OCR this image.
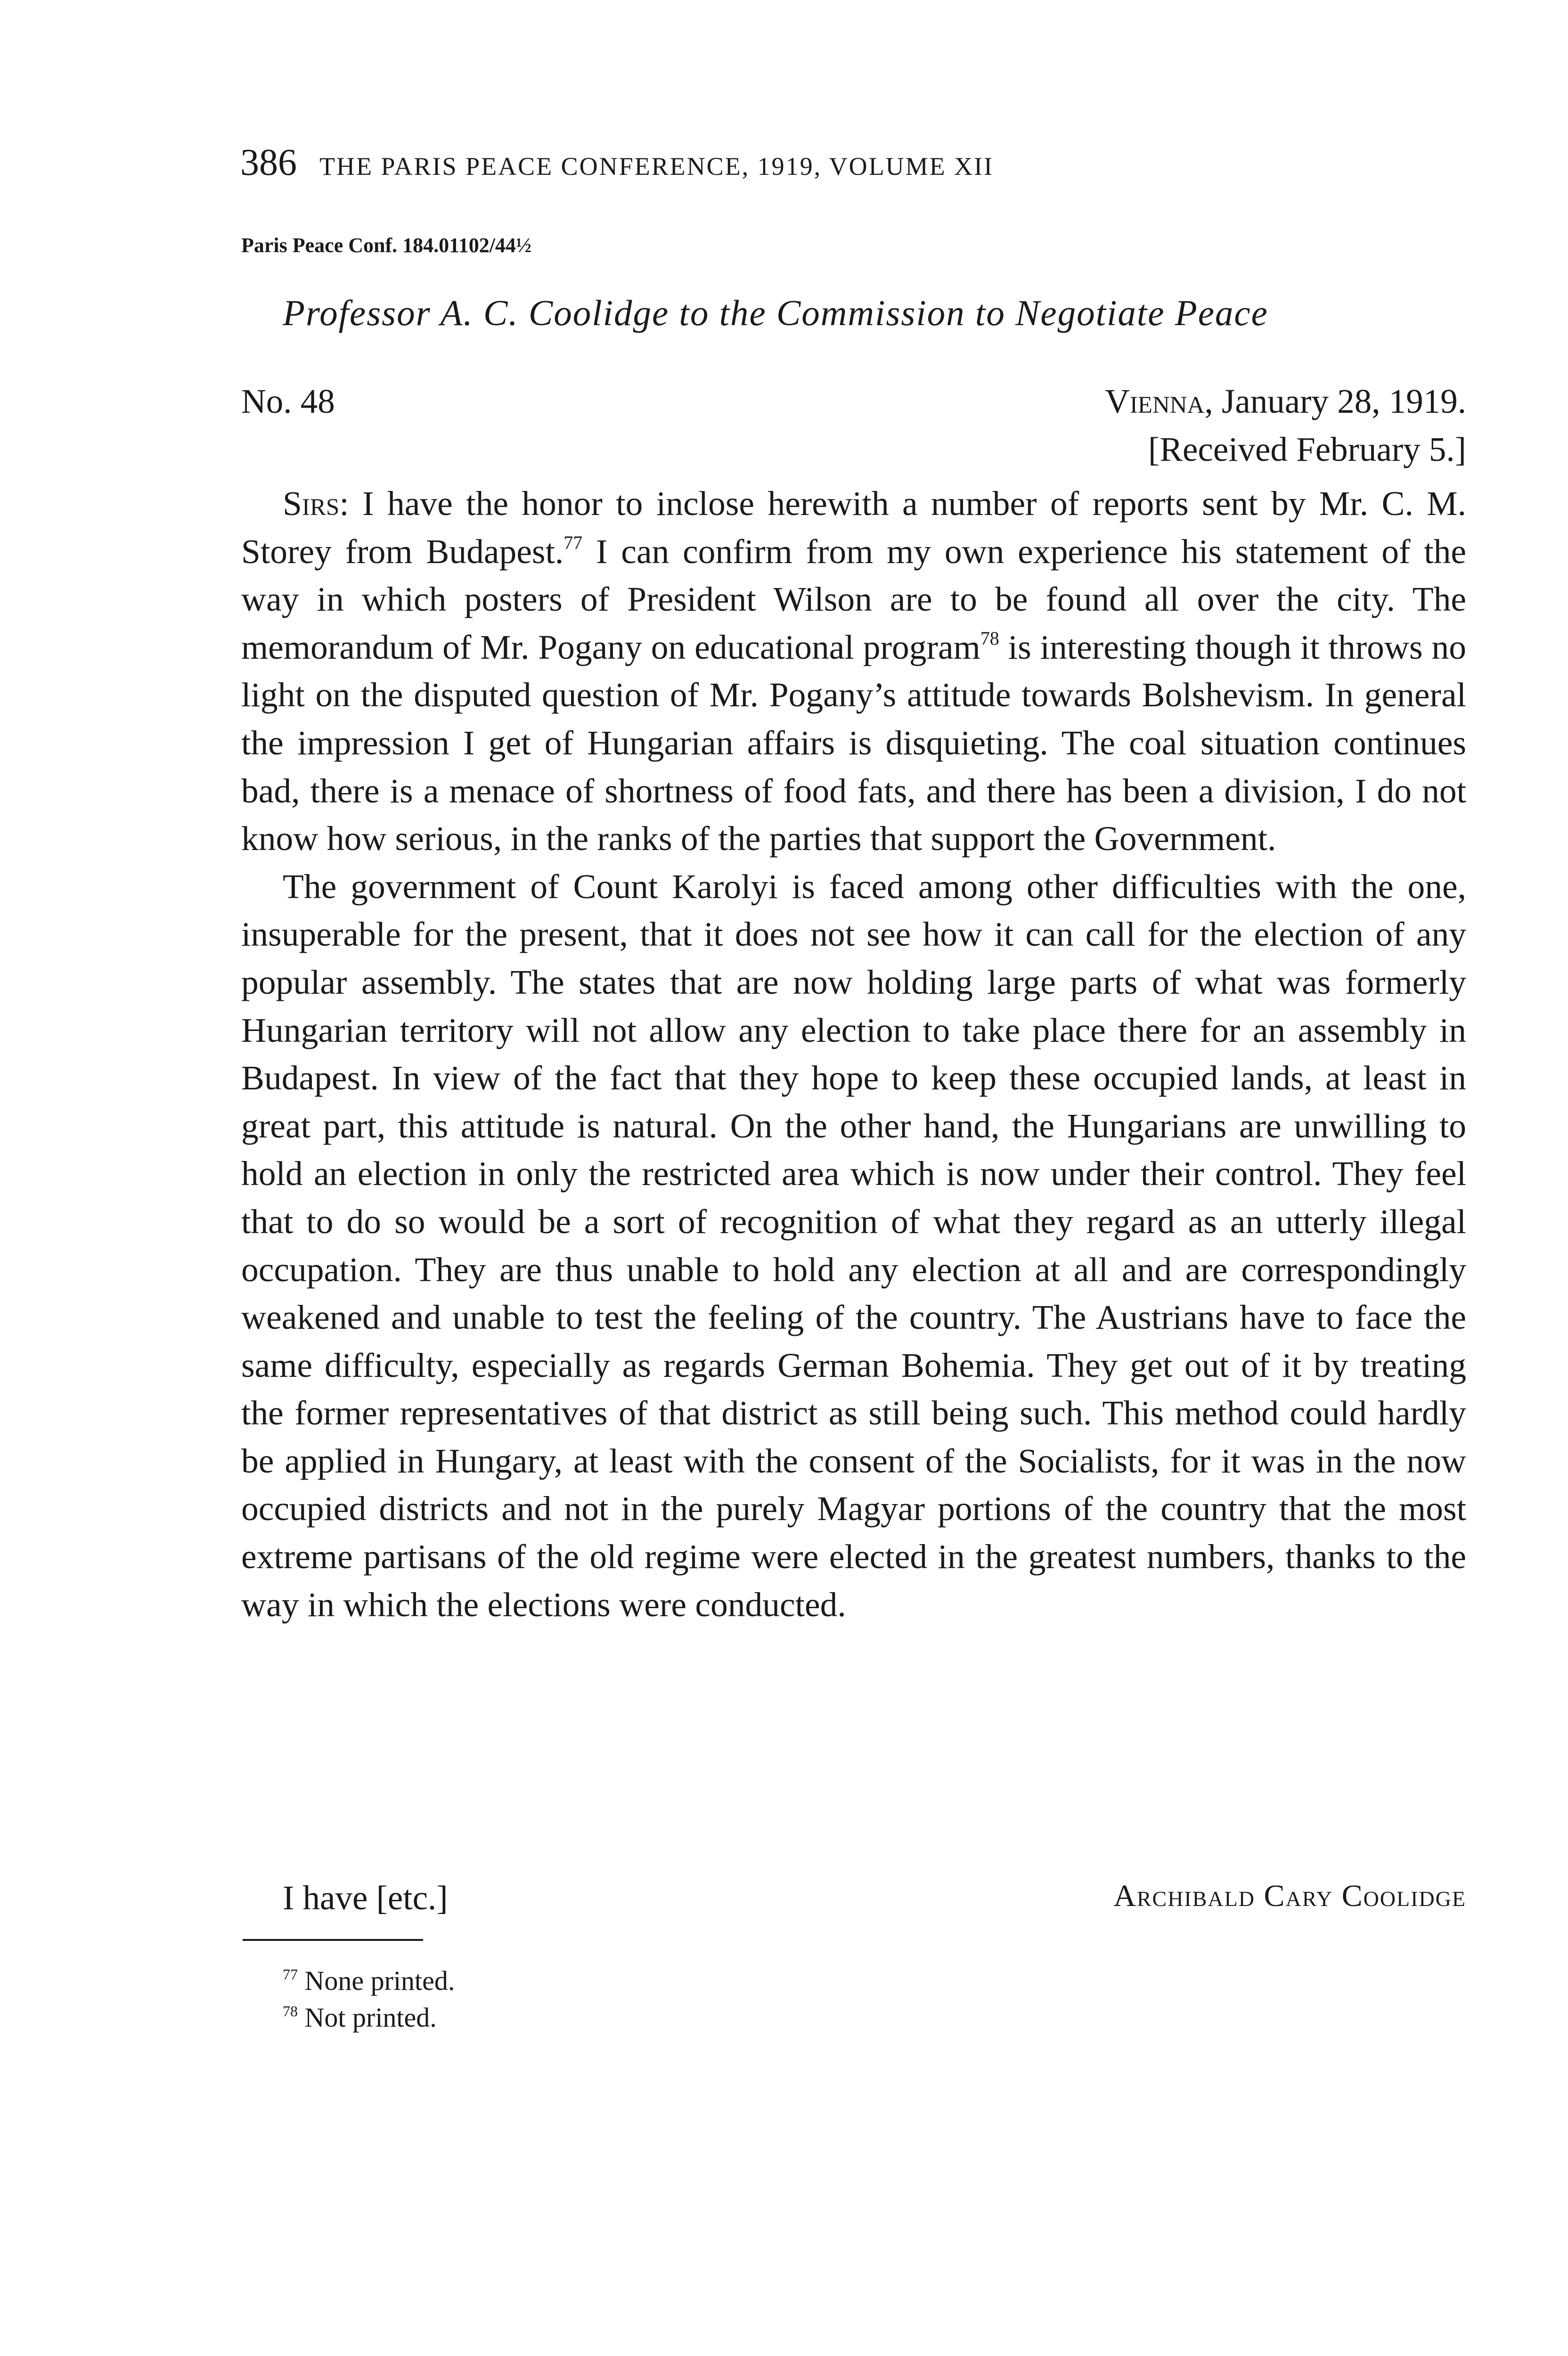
386 THE PARIS PEACE CONFERENCE, 1919, VOLUME XII
Paris Peace Conf. 184.01102/44½
Professor A. C. Coolidge to the Commission to Negotiate Peace
No. 48	Vienna, January 28, 1919.
[Received February 5.]

Sirs: I have the honor to inclose herewith a number of reports sent by Mr. C. M. Storey from Budapest.$^{77}$ I can confirm from my own experience his statement of the way in which posters of President Wilson are to be found all over the city. The memorandum of Mr. Pogany on educational program$^{78}$ is interesting though it throws no light on the disputed question of Mr. Pogany’s attitude towards Bolshevism. In general the impression I get of Hungarian affairs is disquieting. The coal situation continues bad, there is a menace of shortness of food fats, and there has been a division, I do not know how serious, in the ranks of the parties that support the Government.

The government of Count Karolyi is faced among other difficulties with the one, insuperable for the present, that it does not see how it can call for the election of any popular assembly. The states that are now holding large parts of what was formerly Hungarian territory will not allow any election to take place there for an assembly in Budapest. In view of the fact that they hope to keep these occupied lands, at least in great part, this attitude is natural. On the other hand, the Hungarians are unwilling to hold an election in only the restricted area which is now under their control. They feel that to do so would be a sort of recognition of what they regard as an utterly illegal occupation. They are thus unable to hold any election at all and are correspondingly weakened and unable to test the feeling of the country. The Austrians have to face the same difficulty, especially as regards German Bohemia. They get out of it by treating the former representatives of that district as still being such. This method could hardly be applied in Hungary, at least with the consent of the Socialists, for it was in the now occupied districts and not in the purely Magyar portions of the country that the most extreme partisans of the old regime were elected in the greatest numbers, thanks to the way in which the elections were conducted.

I have [etc.]	Archibald Cary Coolidge
$^{77}$ None printed.
$^{78}$ Not printed.
